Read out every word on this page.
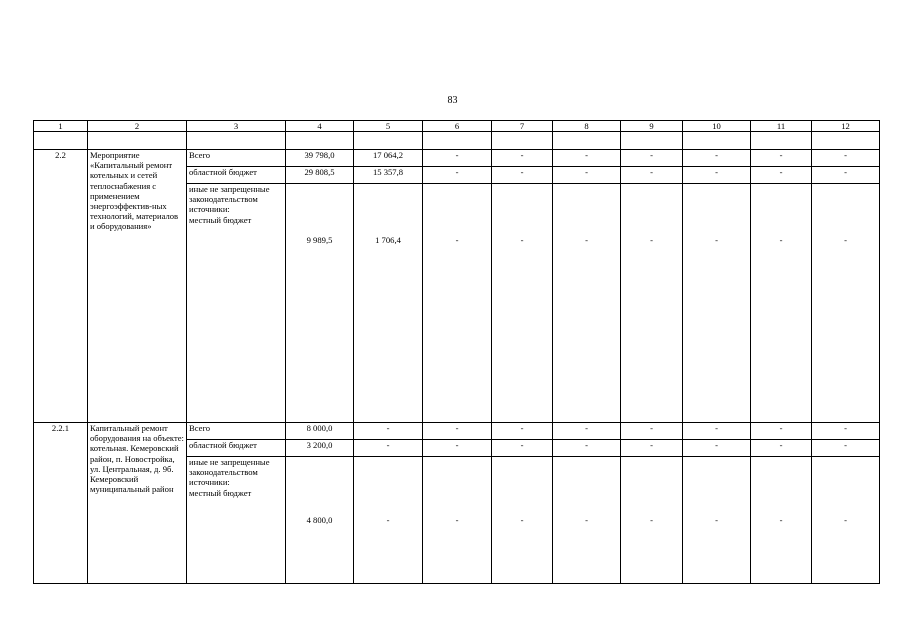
83
1	2	3	4	5	6	7	8	9	10	11	12

2.2	Мероприятие «Капитальный ремонт котельных и сетей теплоснабжения с применением энергоэффектив-ных технологий, материалов и оборудования»	Всего	39 798,0	17 064,2	-	-	-	-	-	-	-
		областной бюджет	29 808,5	15 357,8	-	-	-	-	-	-	-

		иные не запрещенные законодательством источники:
местный бюджет	9 989,5	1 706,4	-	-	-	-	-	-	-
2.2.1	Капитальный ремонт оборудования на объекте: котельная. Кемеровский район, п. Новостройка, ул. Центральная, д. 9б. Кемеровский муниципальный район	Всего	8 000,0	-	-	-	-	-	-	-	-
		областной бюджет	3 200,0	-	-	-	-	-	-	-	-

		иные не запрещенные законодательством источники:
местный бюджет	4 800,0	-	-	-	-	-	-	-	-
